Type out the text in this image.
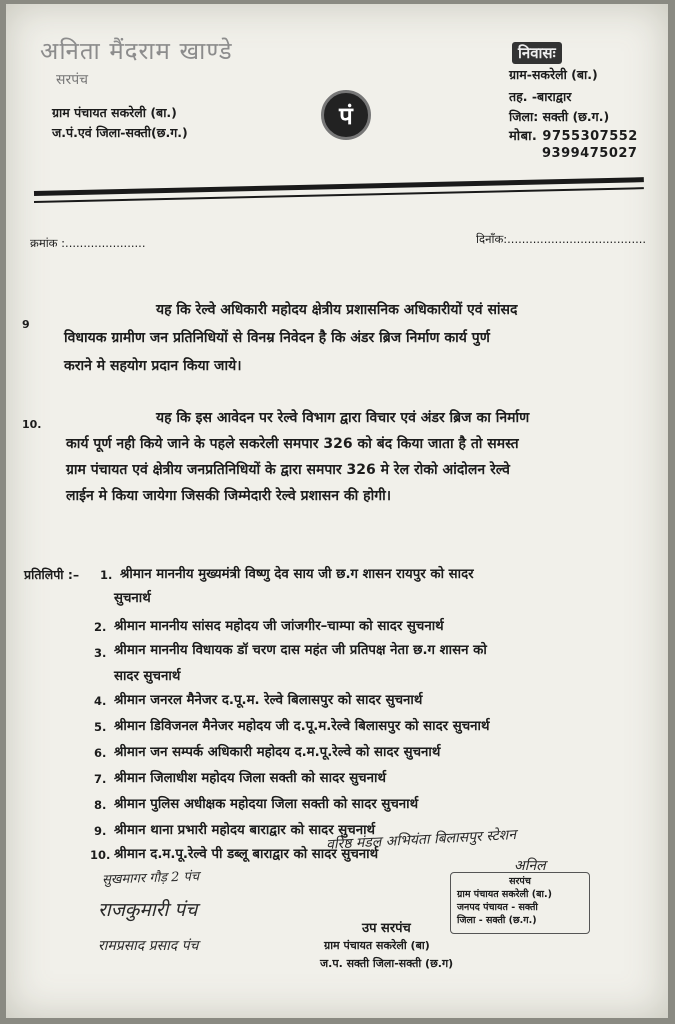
अनिता मैंदराम खाण्डे
सरपंच
ग्राम पंचायत सकरेली (बा.)
ज.पं.एवं जिला-सक्ती(छ.ग.)
पं
निवासः
ग्राम-सकरेली (बा.)
तह. -बाराद्वार
जिला: सक्ती (छ.ग.)
मोबा. 9755307552
9399475027
क्रमांक :......................	दिनाँक:......................................
9
यह कि रेल्वे अधिकारी महोदय क्षेत्रीय प्रशासनिक अधिकारीयों एवं सांसद
विधायक ग्रामीण जन प्रतिनिधियों से विनम्र निवेदन है कि अंडर ब्रिज निर्माण कार्य पुर्ण
कराने मे सहयोग प्रदान किया जाये।
10.	यह कि इस आवेदन पर रेल्वे विभाग द्वारा विचार एवं अंडर ब्रिज का निर्माण
कार्य पूर्ण नही किये जाने के पहले सकरेली समपार 326 को बंद किया जाता है तो समस्त
ग्राम पंचायत एवं क्षेत्रीय जनप्रतिनिधियों के द्वारा समपार 326 मे रेल रोको आंदोलन रेल्वे
लाईन मे किया जायेगा जिसकी जिम्मेदारी रेल्वे प्रशासन की होगी।
प्रतिलिपी :– 1. श्रीमान माननीय मुख्यमंत्री विष्णु देव साय जी छ.ग शासन रायपुर को सादर
सुचनार्थ
2. श्रीमान माननीय सांसद महोदय जी जांजगीर–चाम्पा को सादर सुचनार्थ
3. श्रीमान माननीय विधायक डॉ चरण दास महंत जी प्रतिपक्ष नेता छ.ग शासन को
सादर सुचनार्थ
4. श्रीमान जनरल मैनेजर द.पू.म. रेल्वे बिलासपुर को सादर सुचनार्थ
5. श्रीमान डिविजनल मैनेजर महोदय जी द.पू.म.रेल्वे बिलासपुर को सादर सुचनार्थ
6. श्रीमान जन सम्पर्क अधिकारी महोदय द.म.पू.रेल्वे को सादर सुचनार्थ
7. श्रीमान जिलाधीश महोदय जिला सक्ती को सादर सुचनार्थ
8. श्रीमान पुलिस अधीक्षक महोदया जिला सक्ती को सादर सुचनार्थ
9. श्रीमान थाना प्रभारी महोदय बाराद्वार को सादर सुचनार्थ
10. श्रीमान द.म.पू.रेल्वे पी डब्लू बाराद्वार को सादर सुचनार्थ
वरिष्ठ मंडल अभियंता बिलासपुर स्टेशन
अनिल
सुखमागर गौड़ 2 पंच
राजकुमारी पंच
रामप्रसाद प्रसाद पंच
उप सरपंच
ग्राम पंचायत सकरेली (बा)
ज.प. सक्ती जिला-सक्ती (छ.ग)
सरपंच
ग्राम पंचायत सकरेली (बा.)
जनपद पंचायत - सक्ती
जिला - सक्ती (छ.ग.)
